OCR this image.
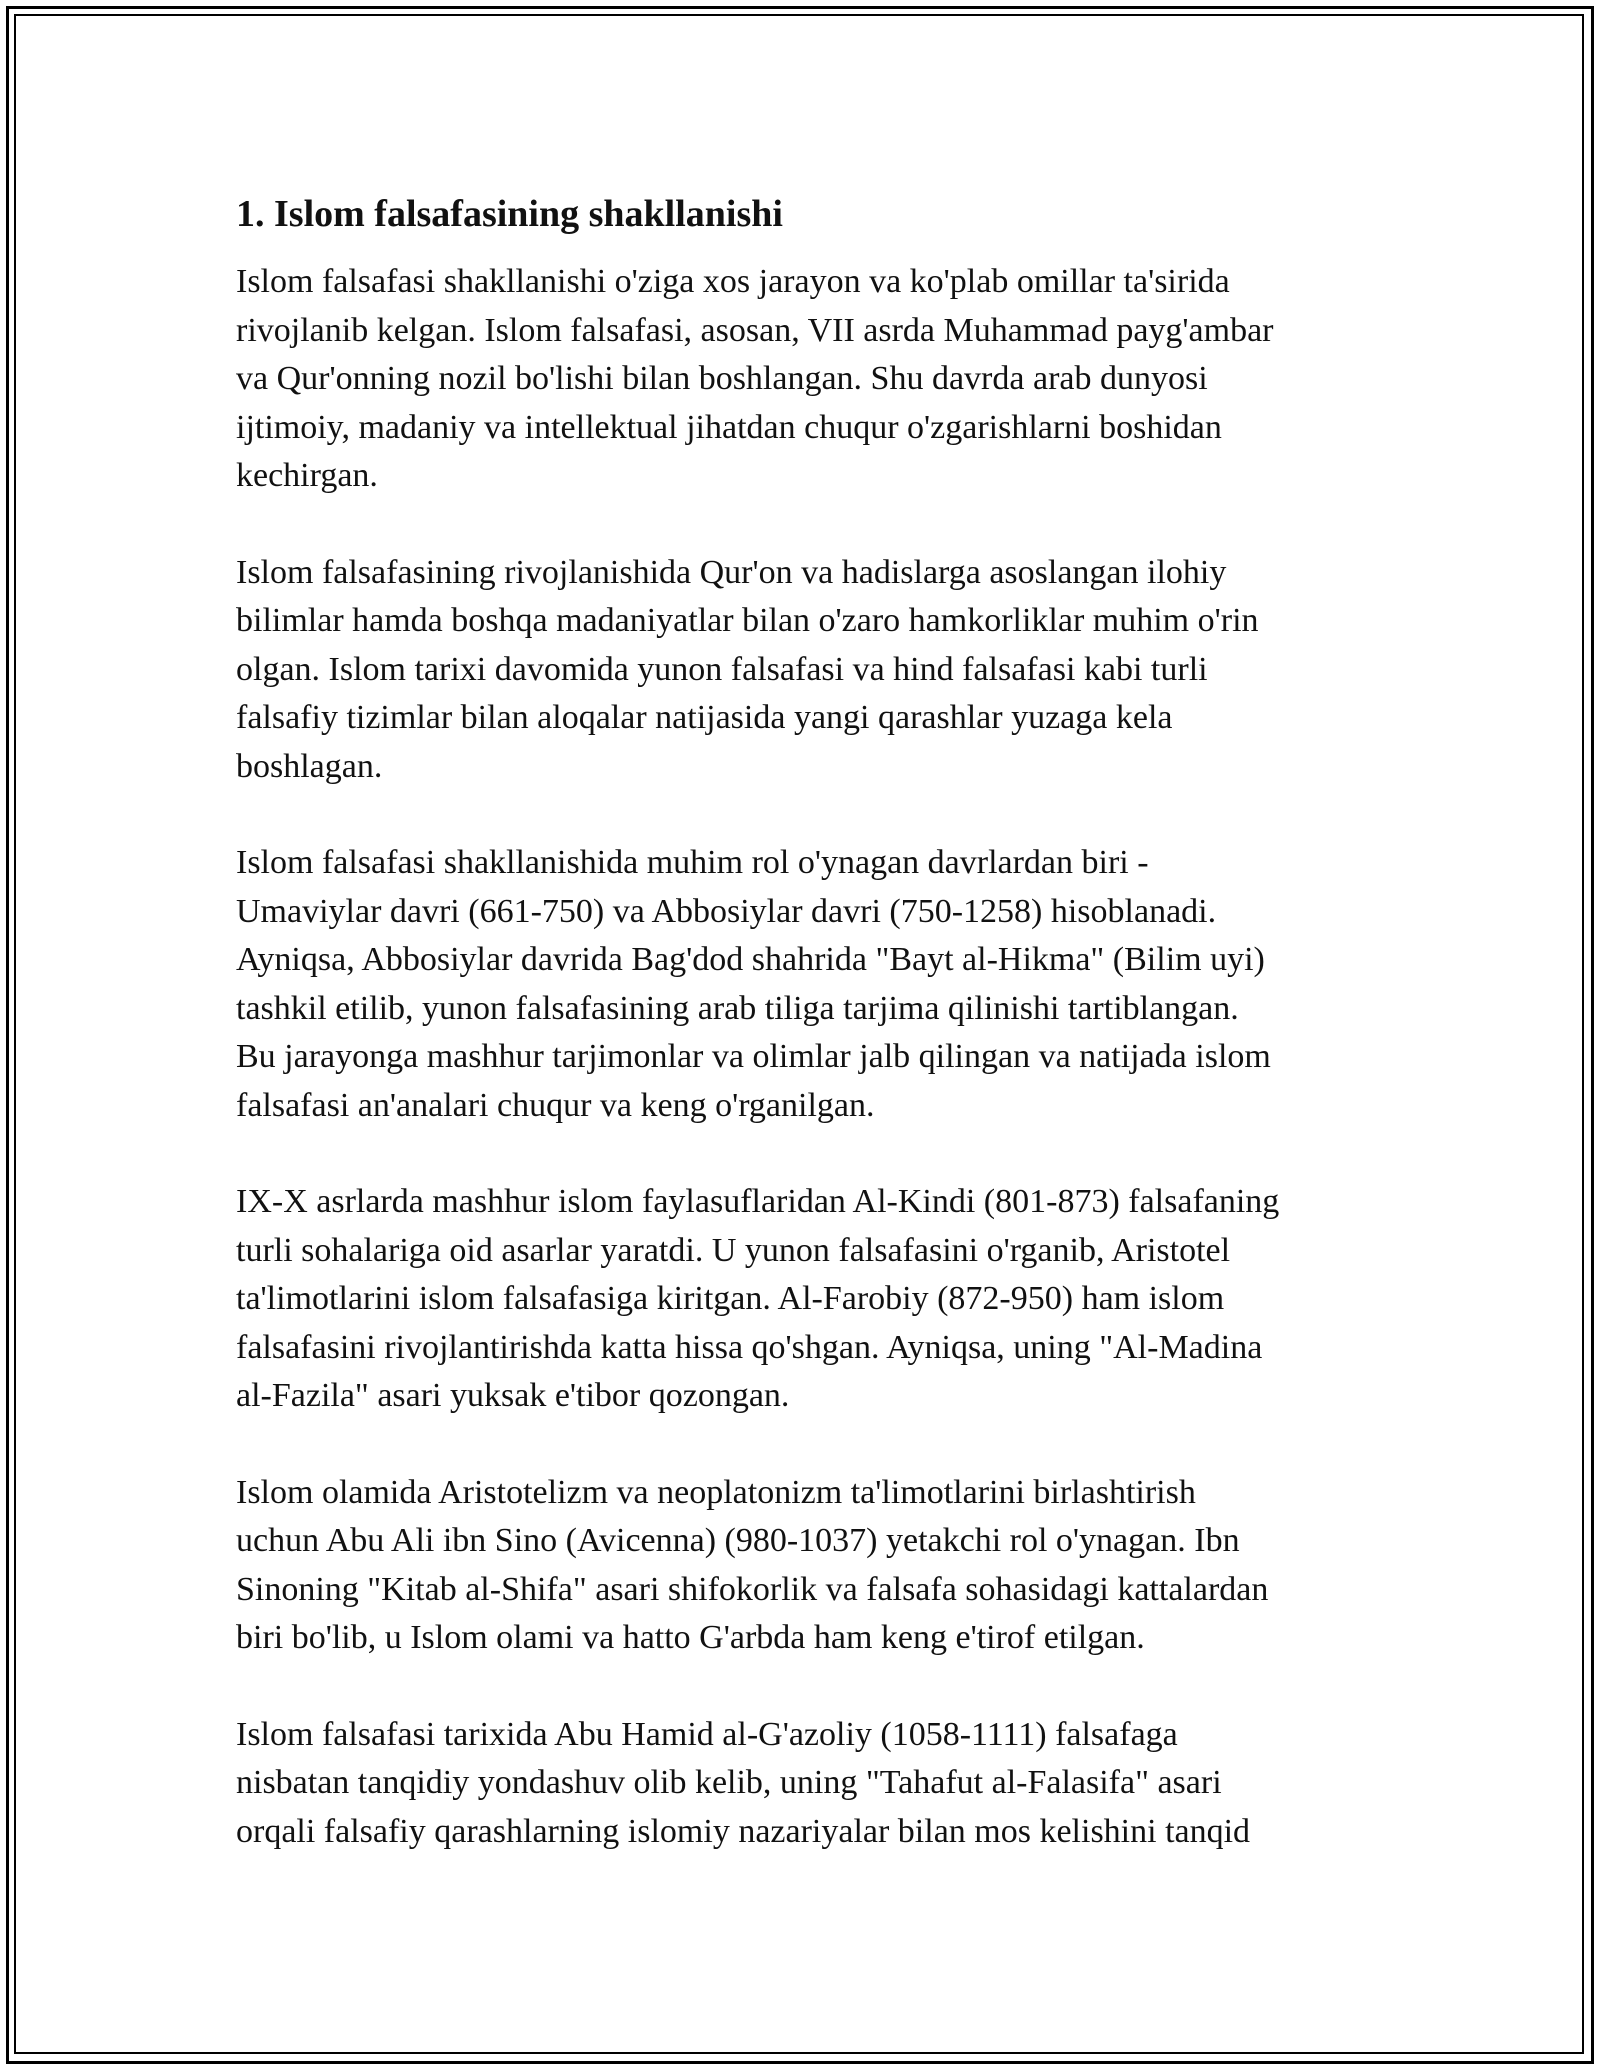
1. Islom falsafasining shakllanishi

Islom falsafasi shakllanishi o'ziga xos jarayon va ko'plab omillar ta'sirida
rivojlanib kelgan. Islom falsafasi, asosan, VII asrda Muhammad payg'ambar
va Qur'onning nozil bo'lishi bilan boshlangan. Shu davrda arab dunyosi
ijtimoiy, madaniy va intellektual jihatdan chuqur o'zgarishlarni boshidan
kechirgan.

Islom falsafasining rivojlanishida Qur'on va hadislarga asoslangan ilohiy
bilimlar hamda boshqa madaniyatlar bilan o'zaro hamkorliklar muhim o'rin
olgan. Islom tarixi davomida yunon falsafasi va hind falsafasi kabi turli
falsafiy tizimlar bilan aloqalar natijasida yangi qarashlar yuzaga kela
boshlagan.

Islom falsafasi shakllanishida muhim rol o'ynagan davrlardan biri -
Umaviylar davri (661-750) va Abbosiylar davri (750-1258) hisoblanadi.
Ayniqsa, Abbosiylar davrida Bag'dod shahrida "Bayt al-Hikma" (Bilim uyi)
tashkil etilib, yunon falsafasining arab tiliga tarjima qilinishi tartiblangan.
Bu jarayonga mashhur tarjimonlar va olimlar jalb qilingan va natijada islom
falsafasi an'analari chuqur va keng o'rganilgan.

IX-X asrlarda mashhur islom faylasuflaridan Al-Kindi (801-873) falsafaning
turli sohalariga oid asarlar yaratdi. U yunon falsafasini o'rganib, Aristotel
ta'limotlarini islom falsafasiga kiritgan. Al-Farobiy (872-950) ham islom
falsafasini rivojlantirishda katta hissa qo'shgan. Ayniqsa, uning "Al-Madina
al-Fazila" asari yuksak e'tibor qozongan.

Islom olamida Aristotelizm va neoplatonizm ta'limotlarini birlashtirish
uchun Abu Ali ibn Sino (Avicenna) (980-1037) yetakchi rol o'ynagan. Ibn
Sinoning "Kitab al-Shifa" asari shifokorlik va falsafa sohasidagi kattalardan
biri bo'lib, u Islom olami va hatto G'arbda ham keng e'tirof etilgan.

Islom falsafasi tarixida Abu Hamid al-G'azoliy (1058-1111) falsafaga
nisbatan tanqidiy yondashuv olib kelib, uning "Tahafut al-Falasifa" asari
orqali falsafiy qarashlarning islomiy nazariyalar bilan mos kelishini tanqid
